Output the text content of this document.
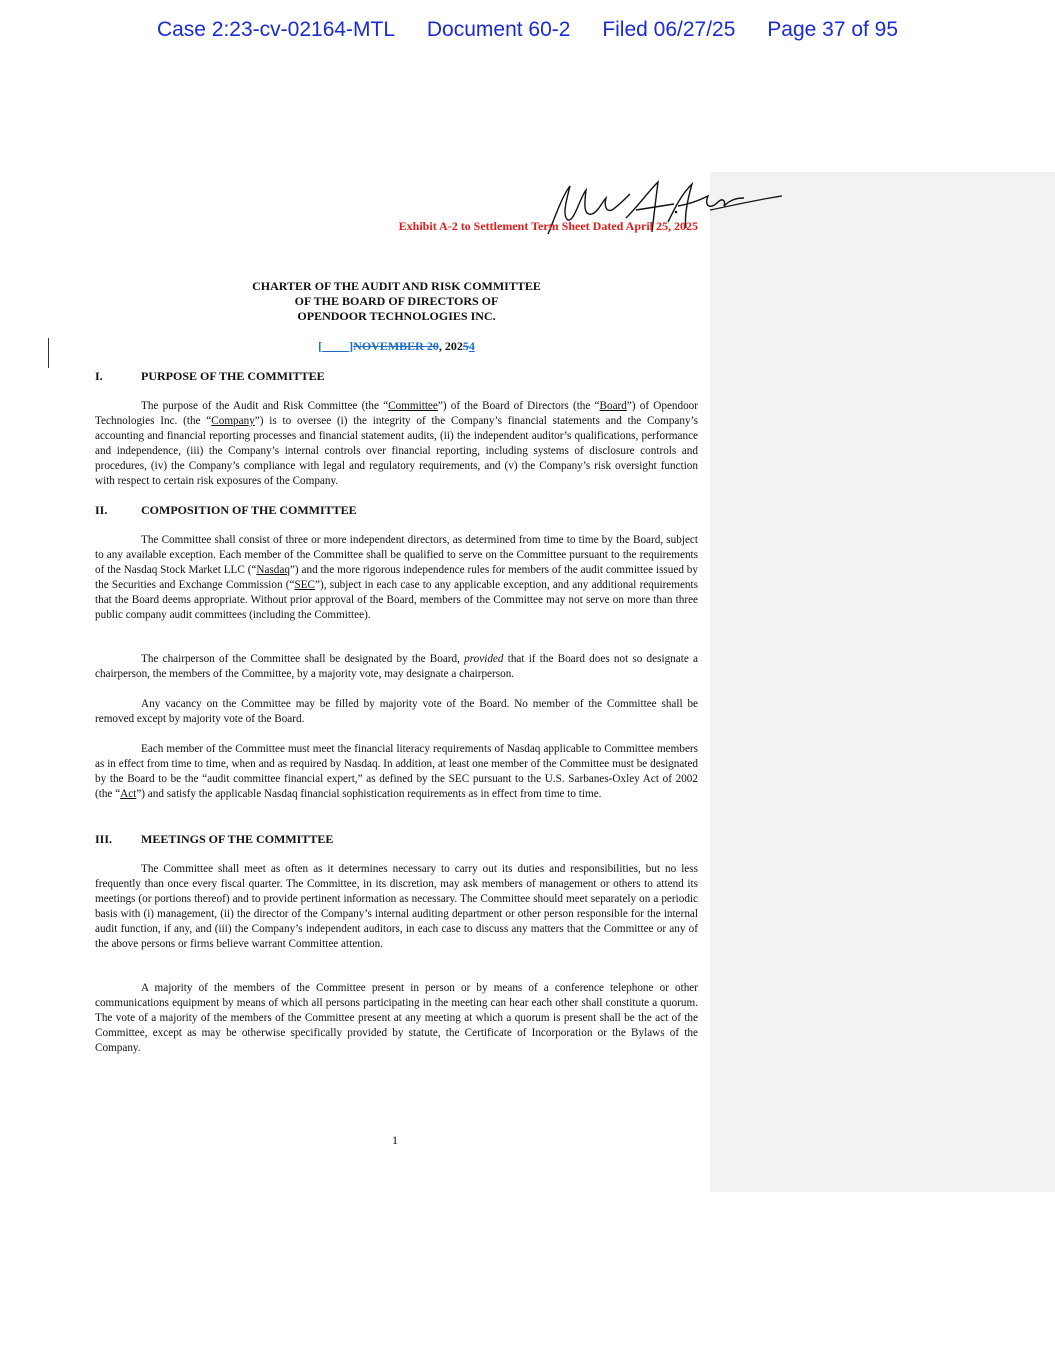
Case 2:23-cv-02164-MTL Document 60-2 Filed 06/27/25 Page 37 of 95
Exhibit A-2 to Settlement Term Sheet Dated April 25, 2025
CHARTER OF THE AUDIT AND RISK COMMITTEE
OF THE BOARD OF DIRECTORS OF
OPENDOOR TECHNOLOGIES INC.
[ ]NOVEMBER 20, 20254
I.	PURPOSE OF THE COMMITTEE

The purpose of the Audit and Risk Committee (the “Committee”) of the Board of Directors (the “Board”) of Opendoor Technologies Inc. (the “Company”) is to oversee (i) the integrity of the Company’s financial statements and the Company’s accounting and financial reporting processes and financial statement audits, (ii) the independent auditor’s qualifications, performance and independence, (iii) the Company’s internal controls over financial reporting, including systems of disclosure controls and procedures, (iv) the Company’s compliance with legal and regulatory requirements, and (v) the Company’s risk oversight function with respect to certain risk exposures of the Company.

II.	COMPOSITION OF THE COMMITTEE

The Committee shall consist of three or more independent directors, as determined from time to time by the Board, subject to any available exception. Each member of the Committee shall be qualified to serve on the Committee pursuant to the requirements of the Nasdaq Stock Market LLC (“Nasdaq”) and the more rigorous independence rules for members of the audit committee issued by the Securities and Exchange Commission (“SEC”), subject in each case to any applicable exception, and any additional requirements that the Board deems appropriate. Without prior approval of the Board, members of the Committee may not serve on more than three public company audit committees (including the Committee).

The chairperson of the Committee shall be designated by the Board, provided that if the Board does not so designate a chairperson, the members of the Committee, by a majority vote, may designate a chairperson.

Any vacancy on the Committee may be filled by majority vote of the Board. No member of the Committee shall be removed except by majority vote of the Board.

Each member of the Committee must meet the financial literacy requirements of Nasdaq applicable to Committee members as in effect from time to time, when and as required by Nasdaq. In addition, at least one member of the Committee must be designated by the Board to be the “audit committee financial expert,” as defined by the SEC pursuant to the U.S. Sarbanes-Oxley Act of 2002 (the “Act”) and satisfy the applicable Nasdaq financial sophistication requirements as in effect from time to time.

III. MEETINGS OF THE COMMITTEE

The Committee shall meet as often as it determines necessary to carry out its duties and responsibilities, but no less frequently than once every fiscal quarter. The Committee, in its discretion, may ask members of management or others to attend its meetings (or portions thereof) and to provide pertinent information as necessary. The Committee should meet separately on a periodic basis with (i) management, (ii) the director of the Company’s internal auditing department or other person responsible for the internal audit function, if any, and (iii) the Company’s independent auditors, in each case to discuss any matters that the Committee or any of the above persons or firms believe warrant Committee attention.

A majority of the members of the Committee present in person or by means of a conference telephone or other communications equipment by means of which all persons participating in the meeting can hear each other shall constitute a quorum. The vote of a majority of the members of the Committee present at any meeting at which a quorum is present shall be the act of the Committee, except as may be otherwise specifically provided by statute, the Certificate of Incorporation or the Bylaws of the Company.

1
